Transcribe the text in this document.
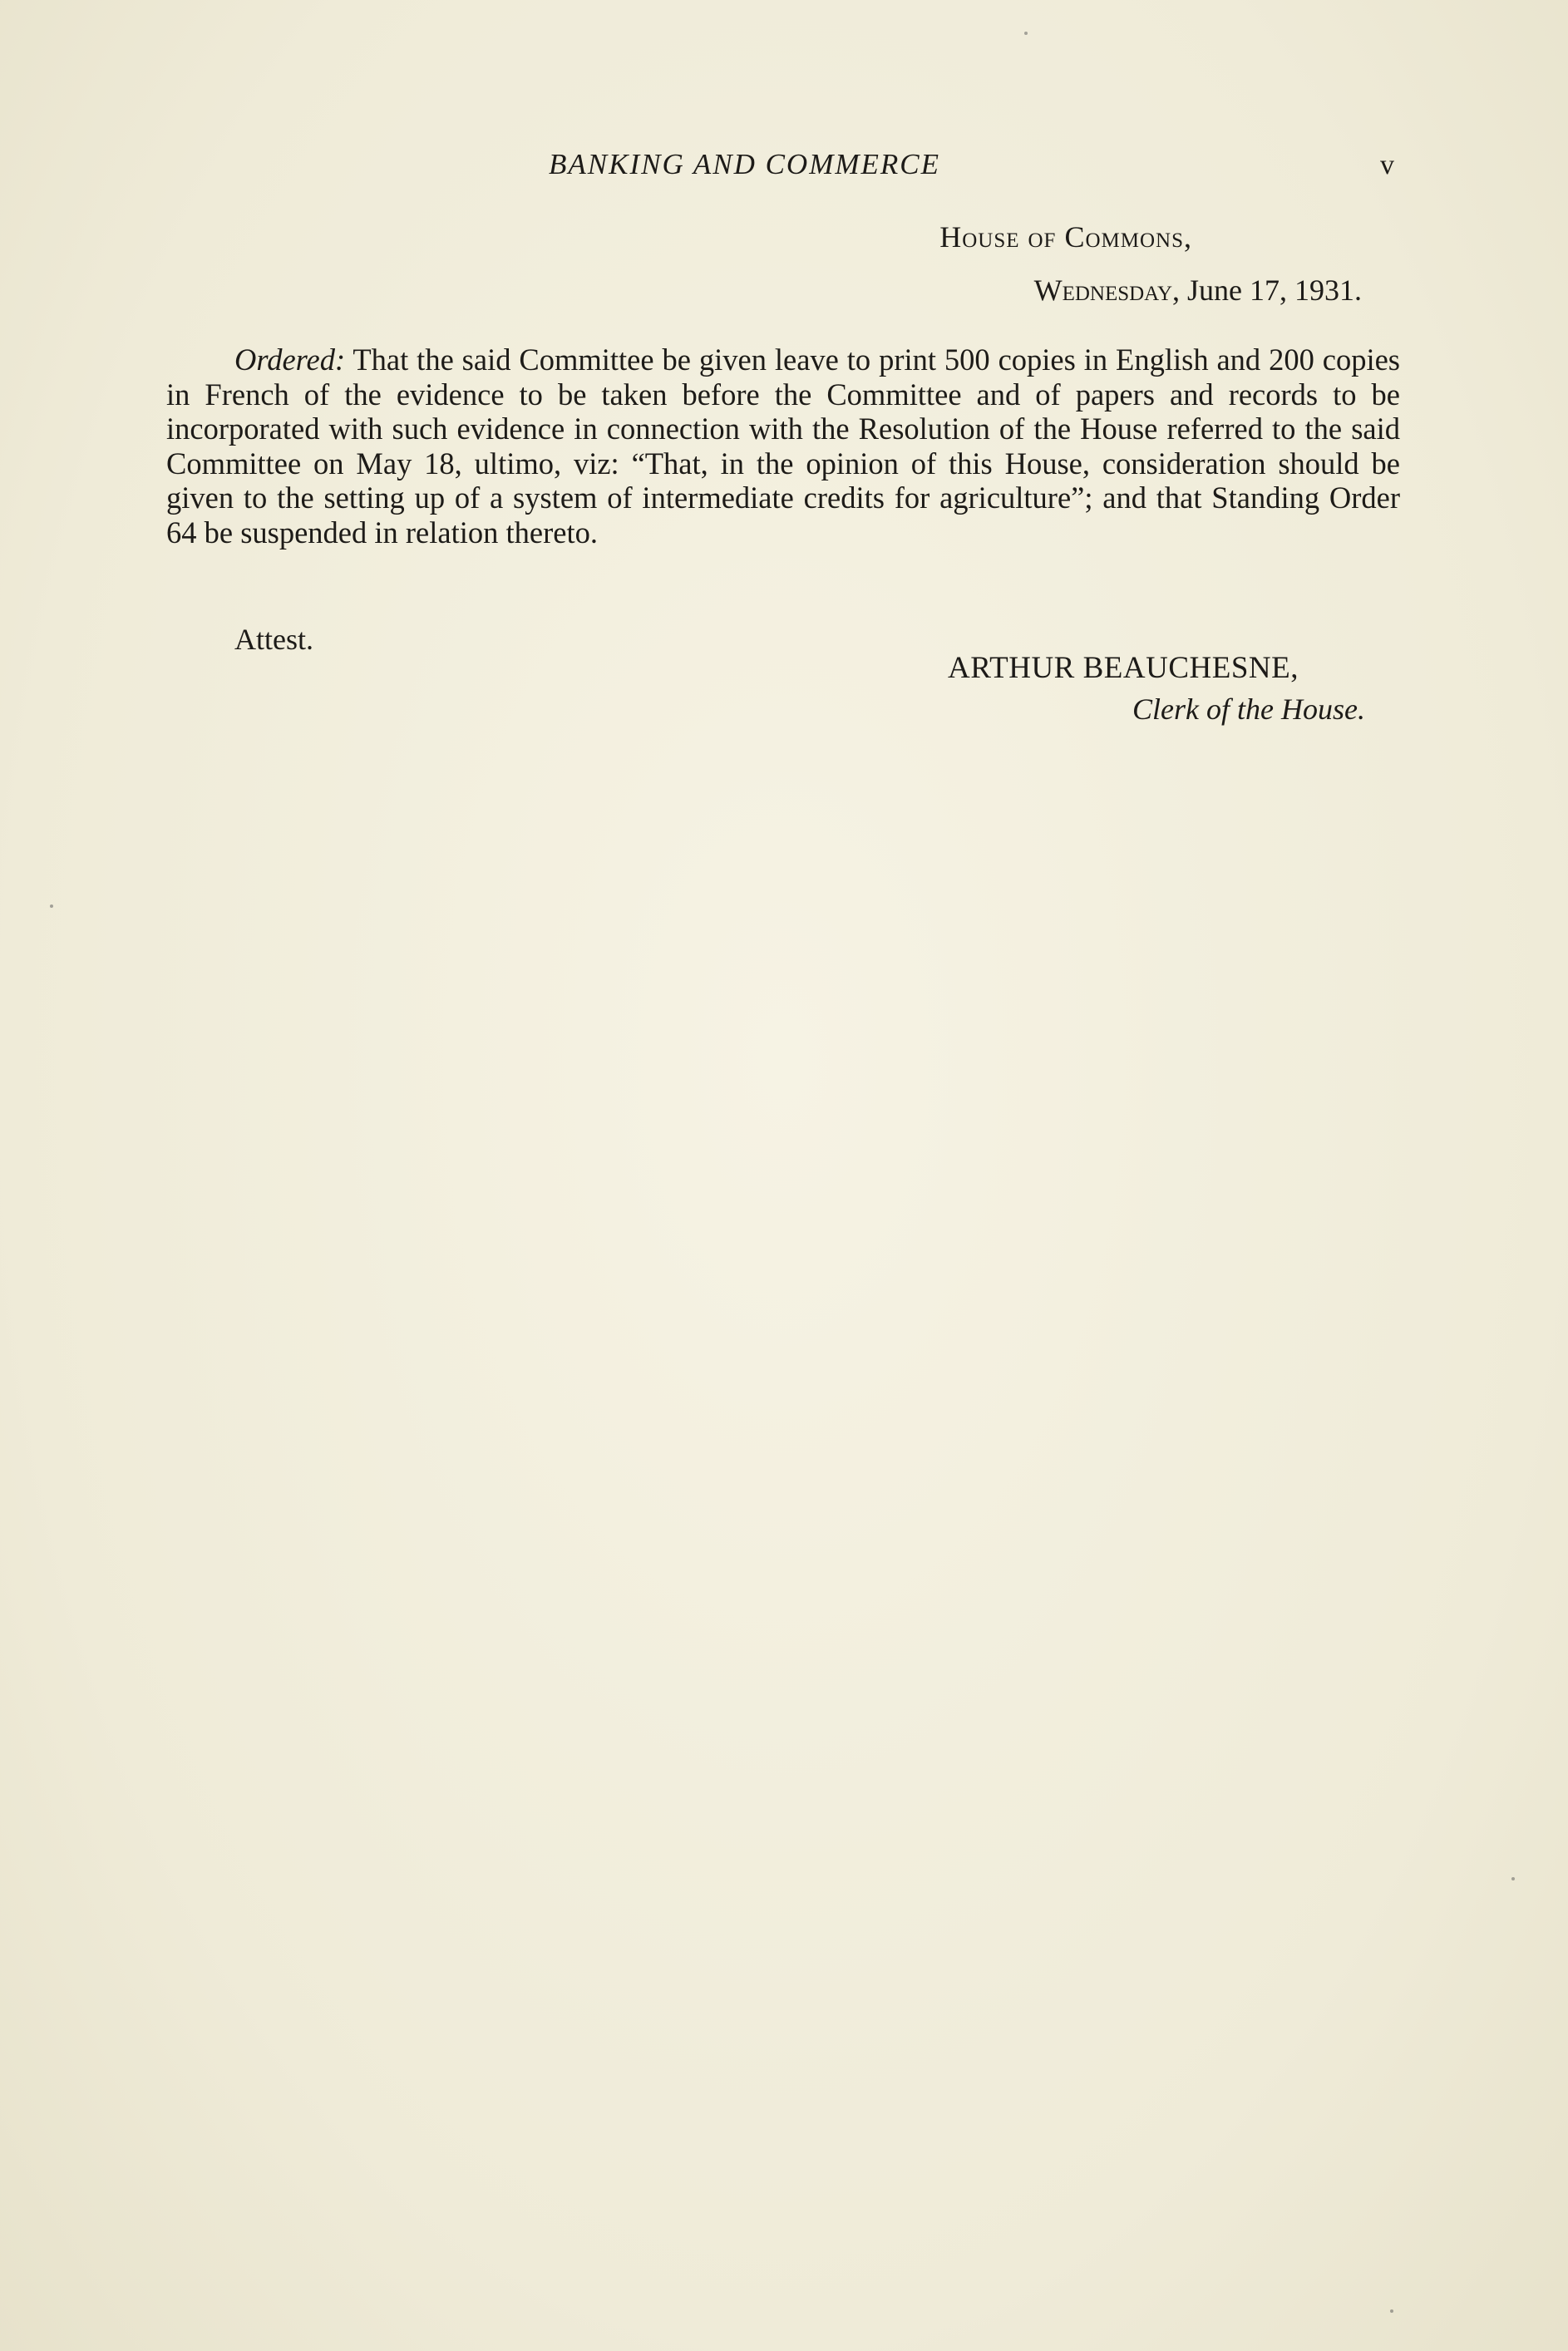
BANKING AND COMMERCE	v
House of Commons,
Wednesday, June 17, 1931.

Ordered: That the said Committee be given leave to print 500 copies in English and 200 copies in French of the evidence to be taken before the Committee and of papers and records to be incorporated with such evidence in connection with the Resolution of the House referred to the said Committee on May 18, ultimo, viz: “That, in the opinion of this House, consideration should be given to the setting up of a system of intermediate credits for agriculture”; and that Standing Order 64 be suspended in relation thereto.

Attest.
ARTHUR BEAUCHESNE,
Clerk of the House.
